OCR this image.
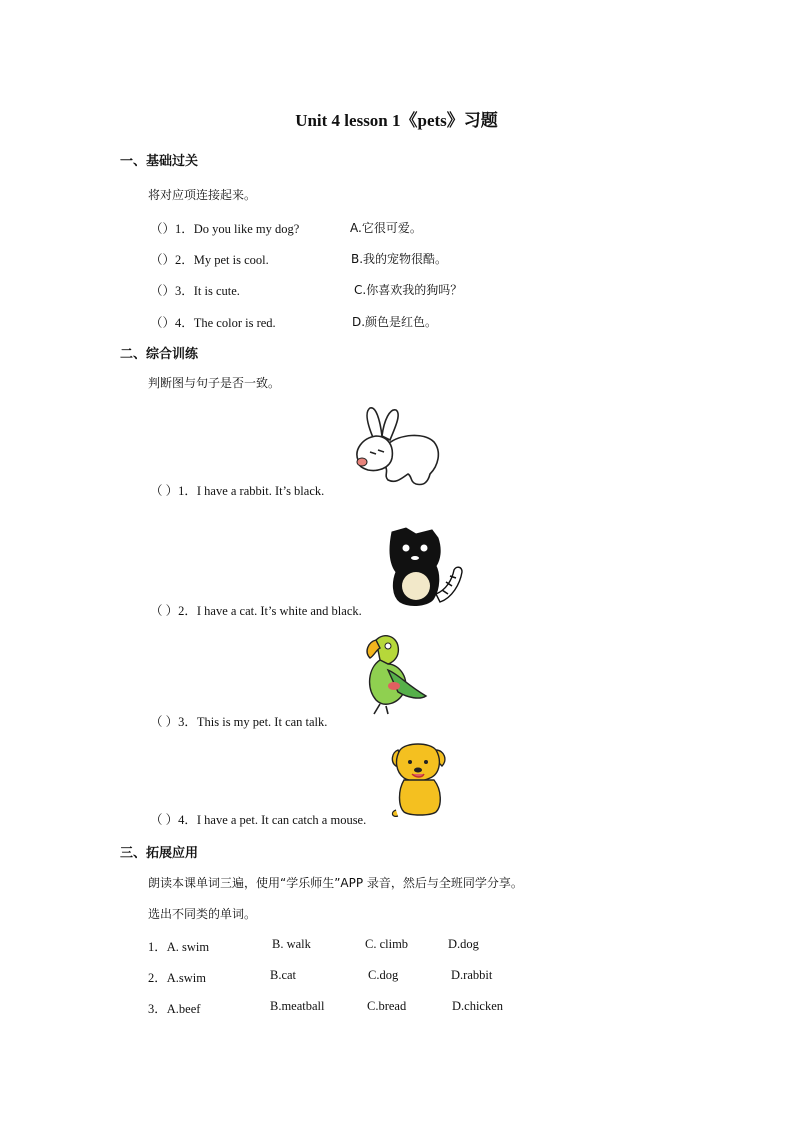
Unit 4 lesson 1《pets》习题
一、基础过关
将对应项连接起来。
（）1．Do you like my dog?	A.它很可爱。
（）2．My pet is cool.	B.我的宠物很酷。
（）3．It is cute.	C.你喜欢我的狗吗？
（）4．The color is red.	D.颜色是红色。
二、综合训练
判断图与句子是否一致。
（ ）1．I have a rabbit. It’s black.
（ ）2．I have a cat. It’s white and black.
（ ）3．This is my pet. It can talk.
（ ）4．I have a pet. It can catch a mouse.
三、拓展应用
朗读本课单词三遍，使用“学乐师生”APP 录音，然后与全班同学分享。
选出不同类的单词。
1．A. swim	B. walk	C. climb	D.dog
2．A.swim	B.cat	C.dog	D.rabbit
3．A.beef	B.meatball	C.bread	D.chicken
